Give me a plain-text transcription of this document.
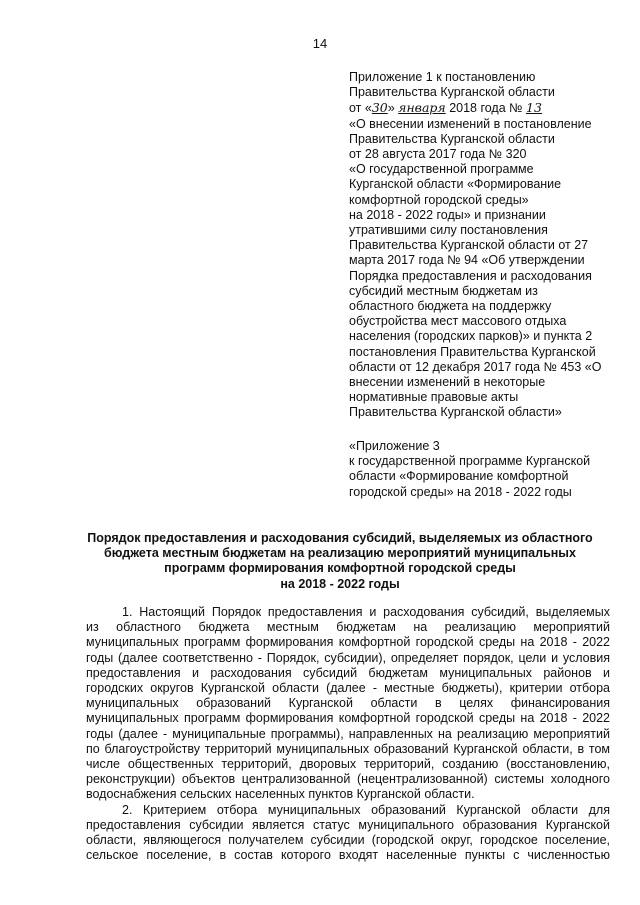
14
Приложение 1 к постановлению
Правительства Курганской области
от «30» января 2018 года № 13
«О внесении изменений в постановление
Правительства Курганской области
от 28 августа 2017 года № 320
«О государственной программе
Курганской области «Формирование
комфортной городской среды»
на 2018 - 2022 годы» и признании
утратившими силу постановления
Правительства Курганской области от 27
марта 2017 года № 94 «Об утверждении
Порядка предоставления и расходования
субсидий местным бюджетам из
областного бюджета на поддержку
обустройства мест массового отдыха
населения (городских парков)» и пункта 2
постановления Правительства Курганской
области от 12 декабря 2017 года № 453 «О
внесении изменений в некоторые
нормативные правовые акты
Правительства Курганской области»
«Приложение 3
к государственной программе Курганской
области «Формирование комфортной
городской среды» на 2018 - 2022 годы
Порядок предоставления и расходования субсидий, выделяемых из областного
бюджета местным бюджетам на реализацию мероприятий муниципальных
программ формирования комфортной городской среды
на 2018 - 2022 годы
1. Настоящий Порядок предоставления и расходования субсидий, выделяемых
из областного бюджета местным бюджетам на реализацию мероприятий
муниципальных программ формирования комфортной городской среды на 2018 - 2022
годы (далее соответственно - Порядок, субсидии), определяет порядок, цели и условия
предоставления и расходования субсидий бюджетам муниципальных районов и
городских округов Курганской области (далее - местные бюджеты), критерии отбора
муниципальных образований Курганской области в целях финансирования
муниципальных программ формирования комфортной городской среды на 2018 - 2022
годы (далее - муниципальные программы), направленных на реализацию мероприятий
по благоустройству территорий муниципальных образований Курганской области, в том
числе общественных территорий, дворовых территорий, созданию (восстановлению,
реконструкции) объектов централизованной (нецентрализованной) системы холодного
водоснабжения сельских населенных пунктов Курганской области.
2. Критерием отбора муниципальных образований Курганской области для
предоставления субсидии является статус муниципального образования Курганской
области, являющегося получателем субсидии (городской округ, городское поселение,
сельское поселение, в состав которого входят населенные пункты с численностью
